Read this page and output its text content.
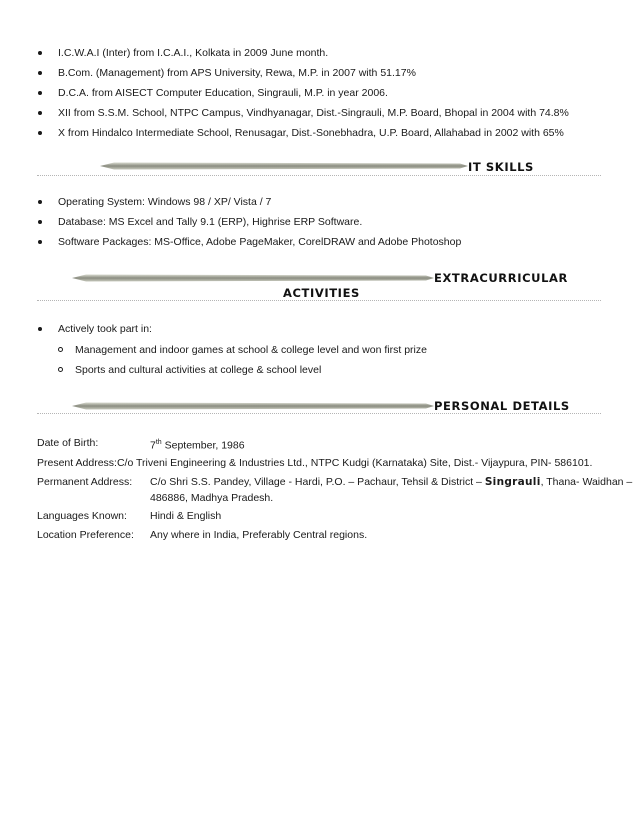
I.C.W.A.I (Inter) from I.C.A.I., Kolkata in 2009 June month.
B.Com. (Management) from APS University, Rewa, M.P. in 2007 with 51.17%
D.C.A. from AISECT Computer Education, Singrauli, M.P. in year 2006.
XII from S.S.M. School, NTPC Campus, Vindhyanagar, Dist.-Singrauli, M.P. Board, Bhopal in 2004 with 74.8%
X from Hindalco Intermediate School, Renusagar, Dist.-Sonebhadra, U.P. Board, Allahabad in 2002 with 65%
IT SKILLS
Operating System: Windows 98 / XP/ Vista / 7
Database: MS Excel and Tally 9.1 (ERP), Highrise ERP Software.
Software Packages: MS-Office, Adobe PageMaker, CorelDRAW and Adobe Photoshop
EXTRACURRICULAR
ACTIVITIES
Actively took part in:
Management and indoor games at school & college level and won first prize
Sports and cultural activities at college & school level
PERSONAL DETAILS
Date of Birth:	7th September, 1986
Present Address:C/o Triveni Engineering & Industries Ltd., NTPC Kudgi (Karnataka) Site, Dist.- Vijaypura, PIN- 586101.
Permanent Address: C/o Shri S.S. Pandey, Village - Hardi, P.O. – Pachaur, Tehsil & District – Singrauli, Thana- Waidhan –
486886, Madhya Pradesh.
Languages Known: Hindi & English
Location Preference: Any where in India, Preferably Central regions.
